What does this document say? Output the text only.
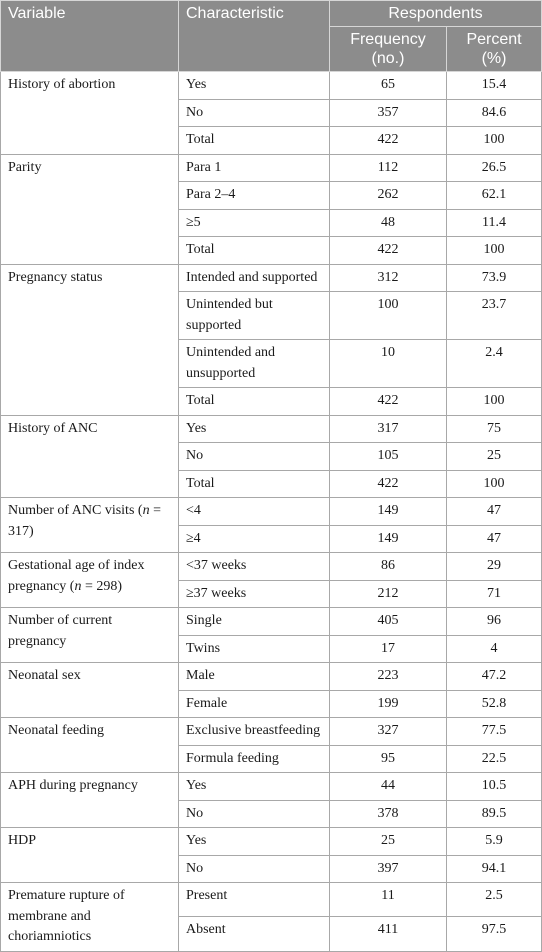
Variable	Characteristic	Respondents	
		Frequency (no.)	Percent (%)
History of abortion	Yes	65	15.4
	No	357	84.6
	Total	422	100
Parity	Para 1	112	26.5
	Para 2–4	262	62.1
	≥5	48	11.4
	Total	422	100
Pregnancy status	Intended and supported	312	73.9
	Unintended but supported	100	23.7
	Unintended and unsupported	10	2.4
	Total	422	100
History of ANC	Yes	317	75
	No	105	25
	Total	422	100
Number of ANC visits (n = 317)	<4	149	47
	≥4	149	47
Gestational age of index pregnancy (n = 298)	<37 weeks	86	29
	≥37 weeks	212	71
Number of current pregnancy	Single	405	96
	Twins	17	4
Neonatal sex	Male	223	47.2
	Female	199	52.8
Neonatal feeding	Exclusive breastfeeding	327	77.5
	Formula feeding	95	22.5
APH during pregnancy	Yes	44	10.5
	No	378	89.5
HDP	Yes	25	5.9
	No	397	94.1
Premature rupture of membrane and choriamniotics	Present	11	2.5
	Absent	411	97.5
